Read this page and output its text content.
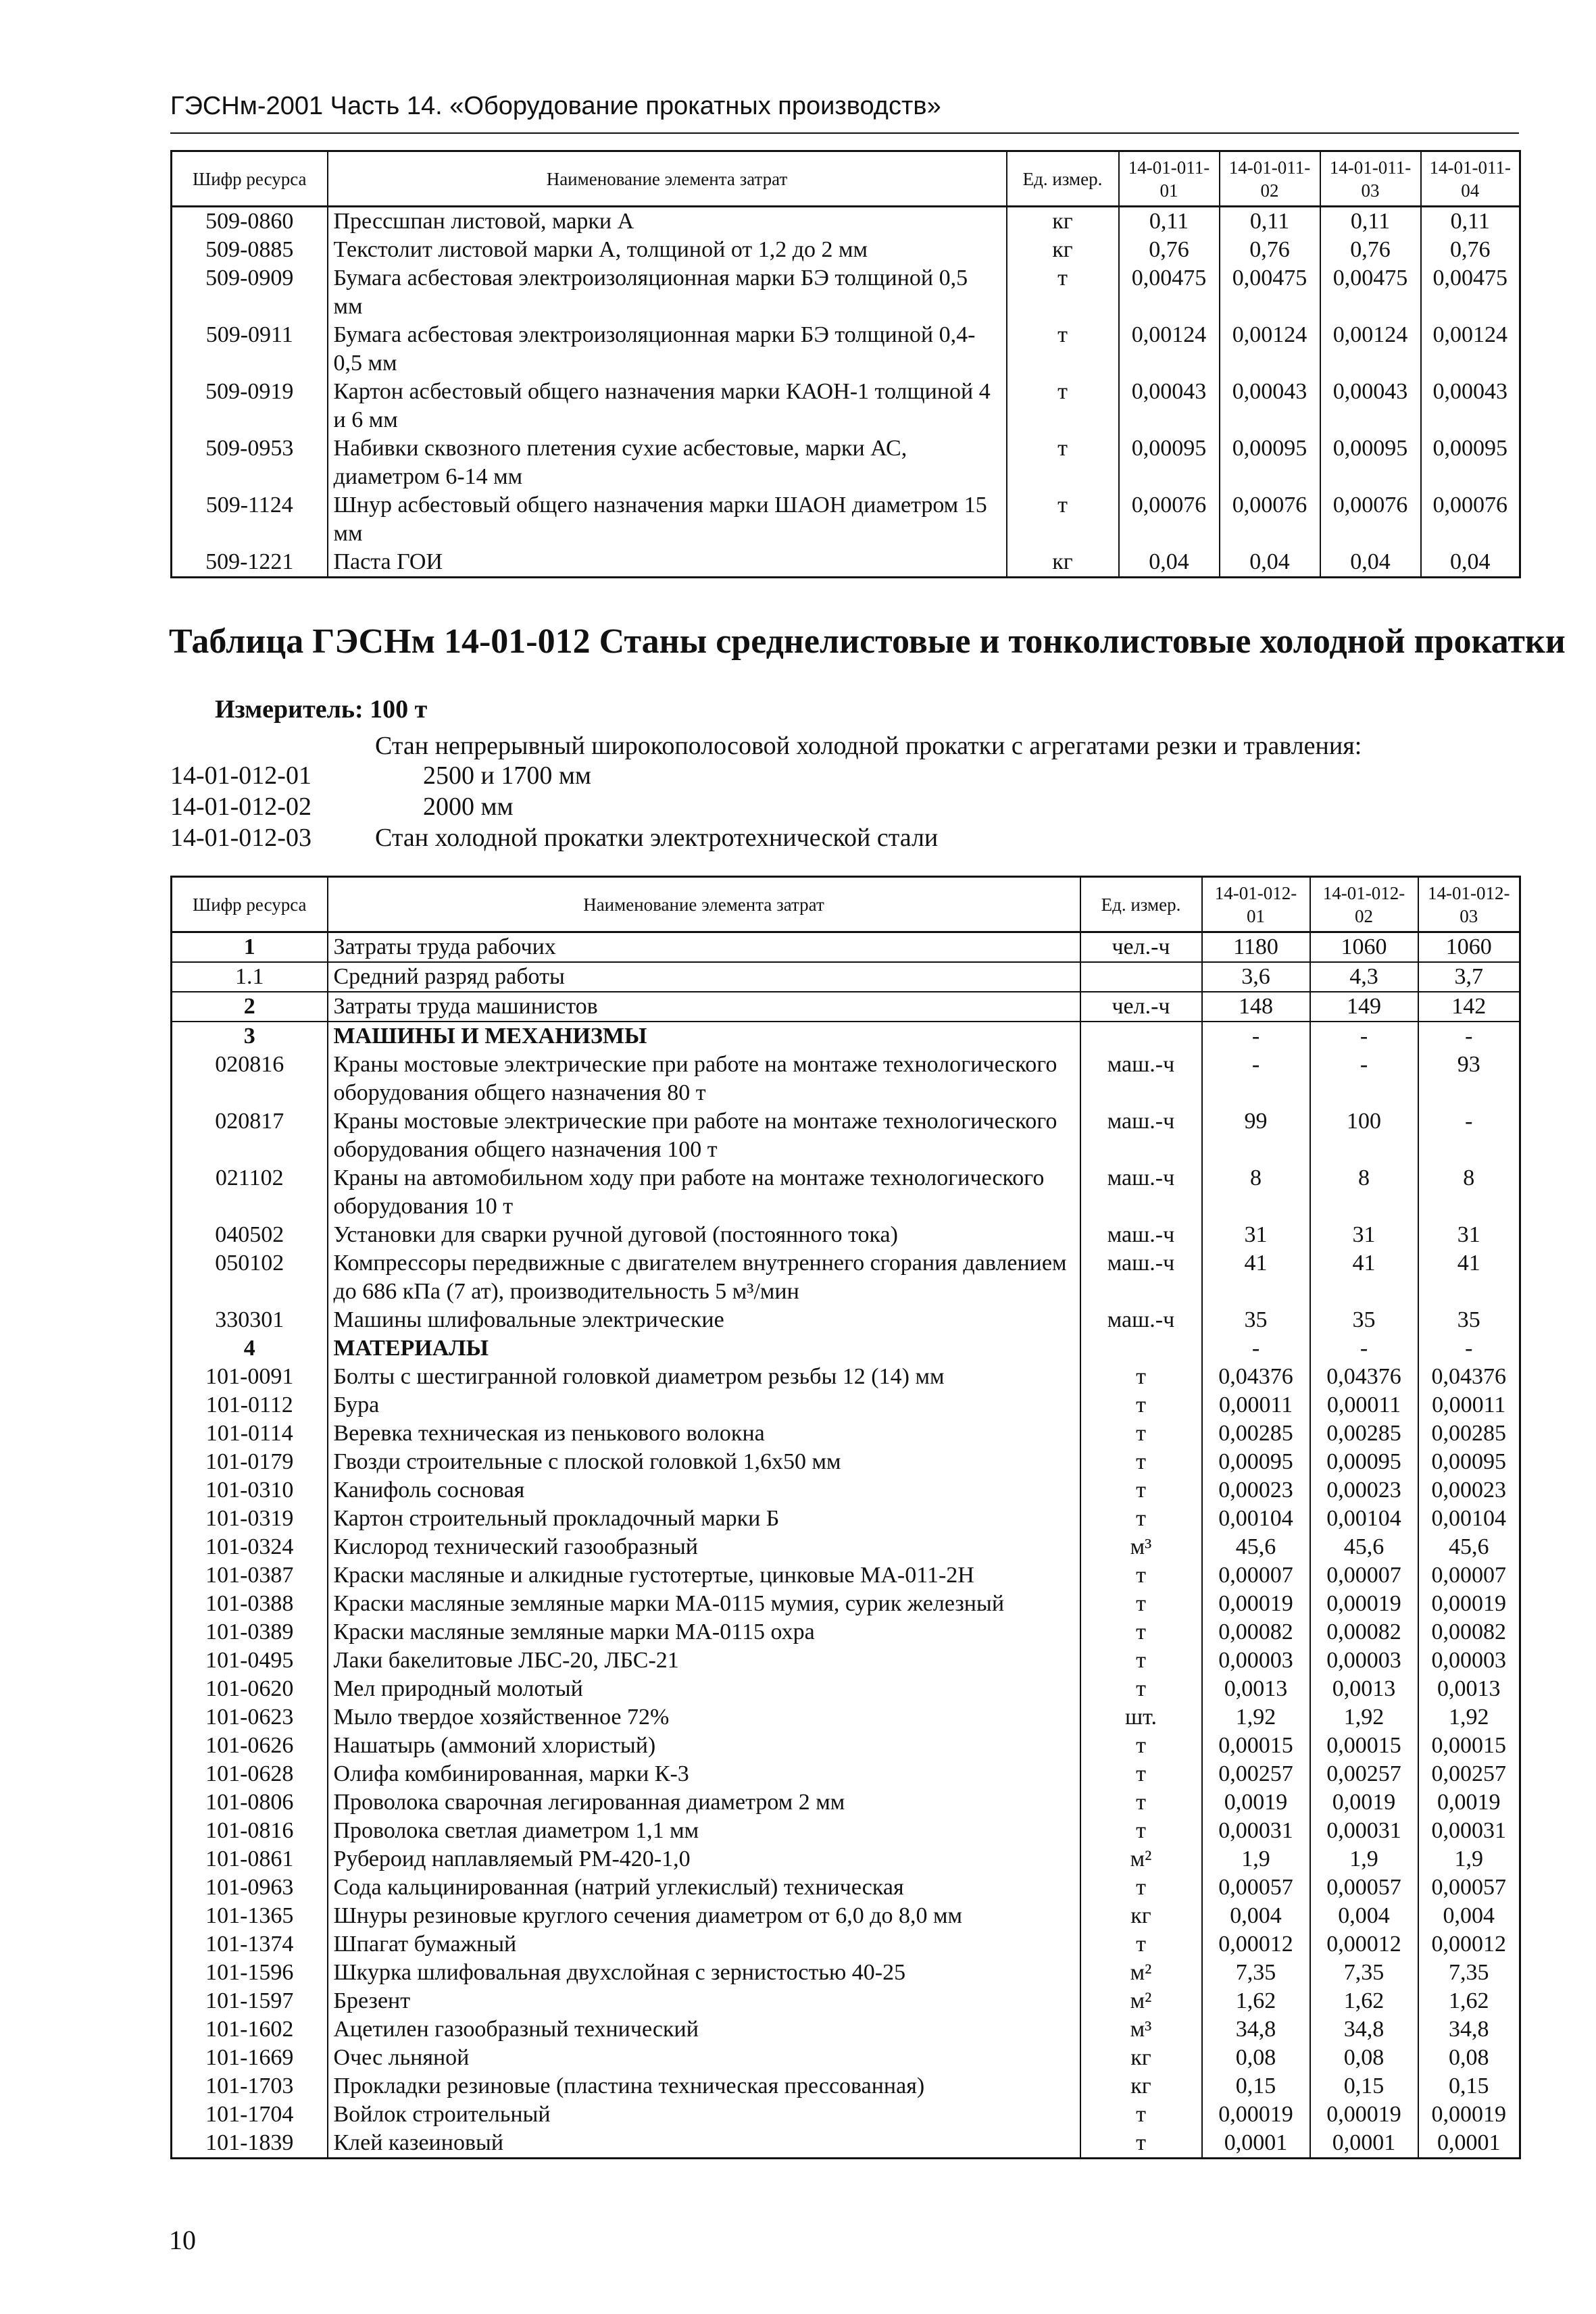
ГЭСНм-2001 Часть 14. «Оборудование прокатных производств»
Шифр ресурса	Наименование элемента затрат	Ед. измер.	14-01-011-01	14-01-011-02	14-01-011-03	14-01-011-04
509-0860	Прессшпан листовой, марки А	кг	0,11	0,11	0,11	0,11
509-0885	Текстолит листовой марки А, толщиной от 1,2 до 2 мм	кг	0,76	0,76	0,76	0,76
509-0909	Бумага асбестовая электроизоляционная марки БЭ толщиной 0,5 мм	т	0,00475	0,00475	0,00475	0,00475
509-0911	Бумага асбестовая электроизоляционная марки БЭ толщиной 0,4-0,5 мм	т	0,00124	0,00124	0,00124	0,00124
509-0919	Картон асбестовый общего назначения марки КАОН-1 толщиной 4 и 6 мм	т	0,00043	0,00043	0,00043	0,00043
509-0953	Набивки сквозного плетения сухие асбестовые, марки АС, диаметром 6-14 мм	т	0,00095	0,00095	0,00095	0,00095
509-1124	Шнур асбестовый общего назначения марки ШАОН диаметром 15 мм	т	0,00076	0,00076	0,00076	0,00076
509-1221	Паста ГОИ	кг	0,04	0,04	0,04	0,04
Таблица ГЭСНм 14-01-012 Станы среднелистовые и тонколистовые холодной прокатки
Измеритель: 100 т
Стан непрерывный широкополосовой холодной прокатки с агрегатами резки и травления:
14-01-012-01	2500 и 1700 мм
14-01-012-02	2000 мм
14-01-012-03 Стан холодной прокатки электротехнической стали
Шифр ресурса	Наименование элемента затрат	Ед. измер.	14-01-012-01	14-01-012-02	14-01-012-03
1	Затраты труда рабочих	чел.-ч	1180	1060	1060
1.1	Средний разряд работы		3,6	4,3	3,7
2	Затраты труда машинистов	чел.-ч	148	149	142
3	МАШИНЫ И МЕХАНИЗМЫ		-	-	-
020816	Краны мостовые электрические при работе на монтаже технологического оборудования общего назначения 80 т	маш.-ч	-	-	93
020817	Краны мостовые электрические при работе на монтаже технологического оборудования общего назначения 100 т	маш.-ч	99	100	-
021102	Краны на автомобильном ходу при работе на монтаже технологического оборудования 10 т	маш.-ч	8	8	8
040502	Установки для сварки ручной дуговой (постоянного тока)	маш.-ч	31	31	31
050102	Компрессоры передвижные с двигателем внутреннего сгорания давлением до 686 кПа (7 ат), производительность 5 м³/мин	маш.-ч	41	41	41
330301	Машины шлифовальные электрические	маш.-ч	35	35	35
4	МАТЕРИАЛЫ		-	-	-
101-0091	Болты с шестигранной головкой диаметром резьбы 12 (14) мм	т	0,04376	0,04376	0,04376
101-0112	Бура	т	0,00011	0,00011	0,00011
101-0114	Веревка техническая из пенькового волокна	т	0,00285	0,00285	0,00285
101-0179	Гвозди строительные с плоской головкой 1,6х50 мм	т	0,00095	0,00095	0,00095
101-0310	Канифоль сосновая	т	0,00023	0,00023	0,00023
101-0319	Картон строительный прокладочный марки Б	т	0,00104	0,00104	0,00104
101-0324	Кислород технический газообразный	м³	45,6	45,6	45,6
101-0387	Краски масляные и алкидные густотертые, цинковые МА-011-2Н	т	0,00007	0,00007	0,00007
101-0388	Краски масляные земляные марки МА-0115 мумия, сурик железный	т	0,00019	0,00019	0,00019
101-0389	Краски масляные земляные марки МА-0115 охра	т	0,00082	0,00082	0,00082
101-0495	Лаки бакелитовые ЛБС-20, ЛБС-21	т	0,00003	0,00003	0,00003
101-0620	Мел природный молотый	т	0,0013	0,0013	0,0013
101-0623	Мыло твердое хозяйственное 72%	шт.	1,92	1,92	1,92
101-0626	Нашатырь (аммоний хлористый)	т	0,00015	0,00015	0,00015
101-0628	Олифа комбинированная, марки К-3	т	0,00257	0,00257	0,00257
101-0806	Проволока сварочная легированная диаметром 2 мм	т	0,0019	0,0019	0,0019
101-0816	Проволока светлая диаметром 1,1 мм	т	0,00031	0,00031	0,00031
101-0861	Рубероид наплавляемый РМ-420-1,0	м²	1,9	1,9	1,9
101-0963	Сода кальцинированная (натрий углекислый) техническая	т	0,00057	0,00057	0,00057
101-1365	Шнуры резиновые круглого сечения диаметром от 6,0 до 8,0 мм	кг	0,004	0,004	0,004
101-1374	Шпагат бумажный	т	0,00012	0,00012	0,00012
101-1596	Шкурка шлифовальная двухслойная с зернистостью 40-25	м²	7,35	7,35	7,35
101-1597	Брезент	м²	1,62	1,62	1,62
101-1602	Ацетилен газообразный технический	м³	34,8	34,8	34,8
101-1669	Очес льняной	кг	0,08	0,08	0,08
101-1703	Прокладки резиновые (пластина техническая прессованная)	кг	0,15	0,15	0,15
101-1704	Войлок строительный	т	0,00019	0,00019	0,00019
101-1839	Клей казеиновый	т	0,0001	0,0001	0,0001
10
